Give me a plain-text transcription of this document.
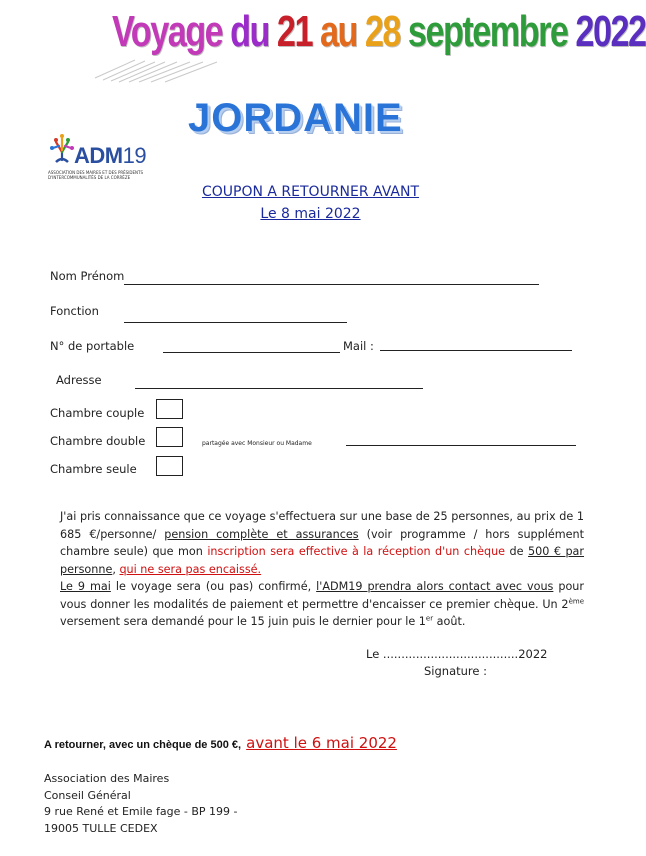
Voyage du 21 au 28 septembre 2022
JORDANIE
ADM19
ASSOCIATION DES MAIRES ET DES PRÉSIDENTS D'INTERCOMMUNALITÉS DE LA CORRÈZE
COUPON A RETOURNER AVANT
Le 8 mai 2022
Nom Prénom
Fonction
N° de portable	Mail :
Adresse
Chambre couple
Chambre double	partagée avec Monsieur ou Madame
Chambre seule
J'ai pris connaissance que ce voyage s'effectuera sur une base de 25 personnes, au prix de 1 685 €/personne/ pension complète et assurances (voir programme / hors supplément chambre seule) que mon inscription sera effective à la réception d'un chèque de 500 € par personne, qui ne sera pas encaissé.
Le 9 mai le voyage sera (ou pas) confirmé, l'ADM19 prendra alors contact avec vous pour vous donner les modalités de paiement et permettre d'encaisser ce premier chèque. Un 2ème versement sera demandé pour le 15 juin puis le dernier pour le 1er août.
Le .....................................2022
Signature :
A retourner, avec un chèque de 500 €, avant le 6 mai 2022
Association des Maires
Conseil Général
9 rue René et Emile fage - BP 199 -
19005 TULLE CEDEX
